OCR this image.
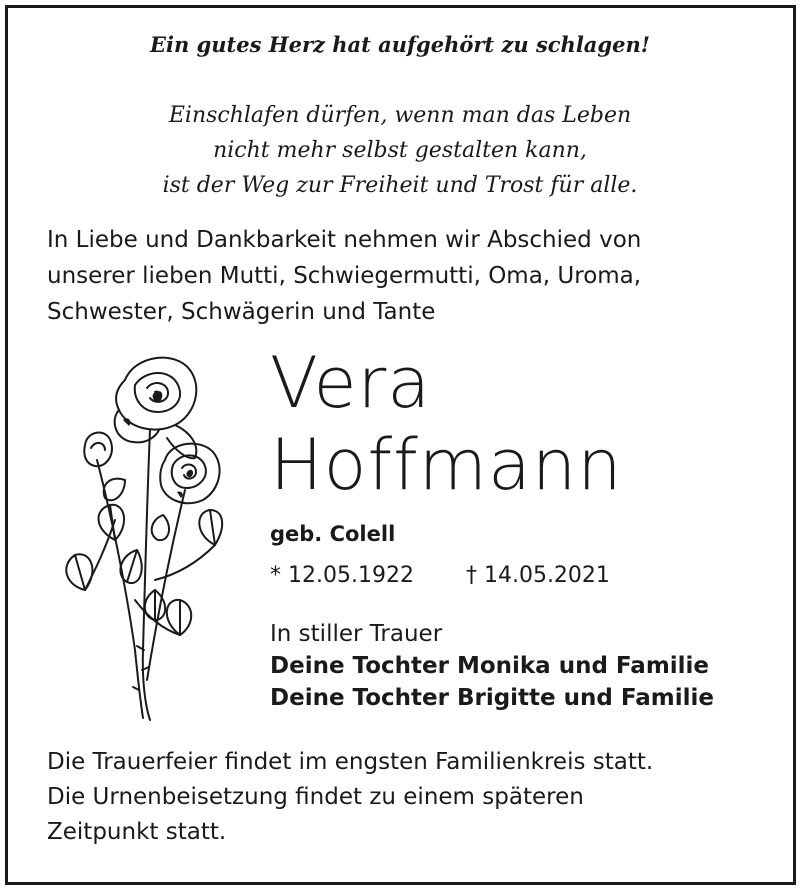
Ein gutes Herz hat aufgehört zu schlagen!

Einschlafen dürfen, wenn man das Leben
nicht mehr selbst gestalten kann,
ist der Weg zur Freiheit und Trost für alle.
In Liebe und Dankbarkeit nehmen wir Abschied von
unserer lieben Mutti, Schwiegermutti, Oma, Uroma,
Schwester, Schwägerin und Tante
Vera
Hoffmann
geb. Colell
* 12.05.1922 † 14.05.2021
In stiller Trauer
Deine Tochter Monika und Familie
Deine Tochter Brigitte und Familie
Die Trauerfeier findet im engsten Familienkreis statt.
Die Urnenbeisetzung findet zu einem späteren
Zeitpunkt statt.
